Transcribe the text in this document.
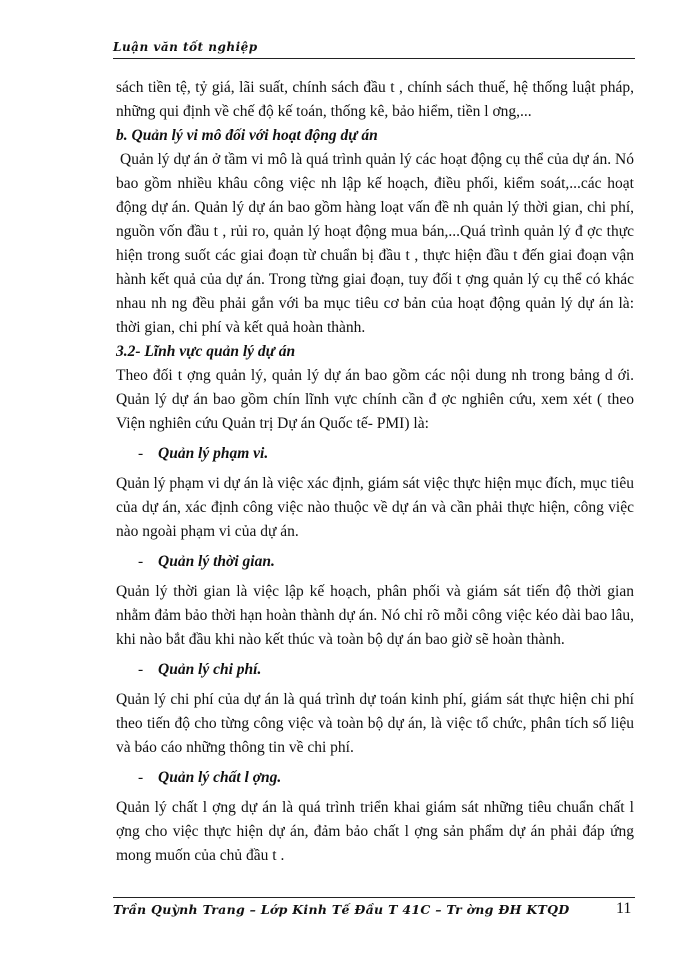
Luận văn tốt nghiệp

sách tiền tệ, tỷ giá, lãi suất, chính sách đầu t , chính sách thuế, hệ thống luật pháp, những qui định về chế độ kế toán, thống kê, bảo hiểm, tiền l ơng,...

b. Quản lý vi mô đối với hoạt động dự án

Quản lý dự án ở tầm vi mô là quá trình quản lý các hoạt động cụ thể của dự án. Nó bao gồm nhiều khâu công việc nh lập kế hoạch, điều phối, kiểm soát,...các hoạt động dự án. Quản lý dự án bao gồm hàng loạt vấn đề nh quản lý thời gian, chi phí, nguồn vốn đầu t , rủi ro, quản lý hoạt động mua bán,...Quá trình quản lý đ ợc thực hiện trong suốt các giai đoạn từ chuẩn bị đầu t , thực hiện đầu t đến giai đoạn vận hành kết quả của dự án. Trong từng giai đoạn, tuy đối t ợng quản lý cụ thể có khác nhau nh ng đều phải gắn với ba mục tiêu cơ bản của hoạt động quản lý dự án là: thời gian, chi phí và kết quả hoàn thành.

3.2- Lĩnh vực quản lý dự án

Theo đối t ợng quản lý, quản lý dự án bao gồm các nội dung nh trong bảng d ới. Quản lý dự án bao gồm chín lĩnh vực chính cần đ ợc nghiên cứu, xem xét ( theo Viện nghiên cứu Quản trị Dự án Quốc tế- PMI) là:

- Quản lý phạm vi.

Quản lý phạm vi dự án là việc xác định, giám sát việc thực hiện mục đích, mục tiêu của dự án, xác định công việc nào thuộc về dự án và cần phải thực hiện, công việc nào ngoài phạm vi của dự án.

- Quản lý thời gian.

Quản lý thời gian là việc lập kế hoạch, phân phối và giám sát tiến độ thời gian nhằm đảm bảo thời hạn hoàn thành dự án. Nó chỉ rõ mỗi công việc kéo dài bao lâu, khi nào bắt đầu khi nào kết thúc và toàn bộ dự án bao giờ sẽ hoàn thành.

- Quản lý chi phí.

Quản lý chi phí của dự án là quá trình dự toán kinh phí, giám sát thực hiện chi phí theo tiến độ cho từng công việc và toàn bộ dự án, là việc tổ chức, phân tích số liệu và báo cáo những thông tin về chi phí.

- Quản lý chất l ợng.

Quản lý chất l ợng dự án là quá trình triển khai giám sát những tiêu chuẩn chất l ợng cho việc thực hiện dự án, đảm bảo chất l ợng sản phẩm dự án phải đáp ứng mong muốn của chủ đầu t .

Trần Quỳnh Trang – Lớp Kinh Tế Đầu T 41C – Tr ờng ĐH KTQD	11
